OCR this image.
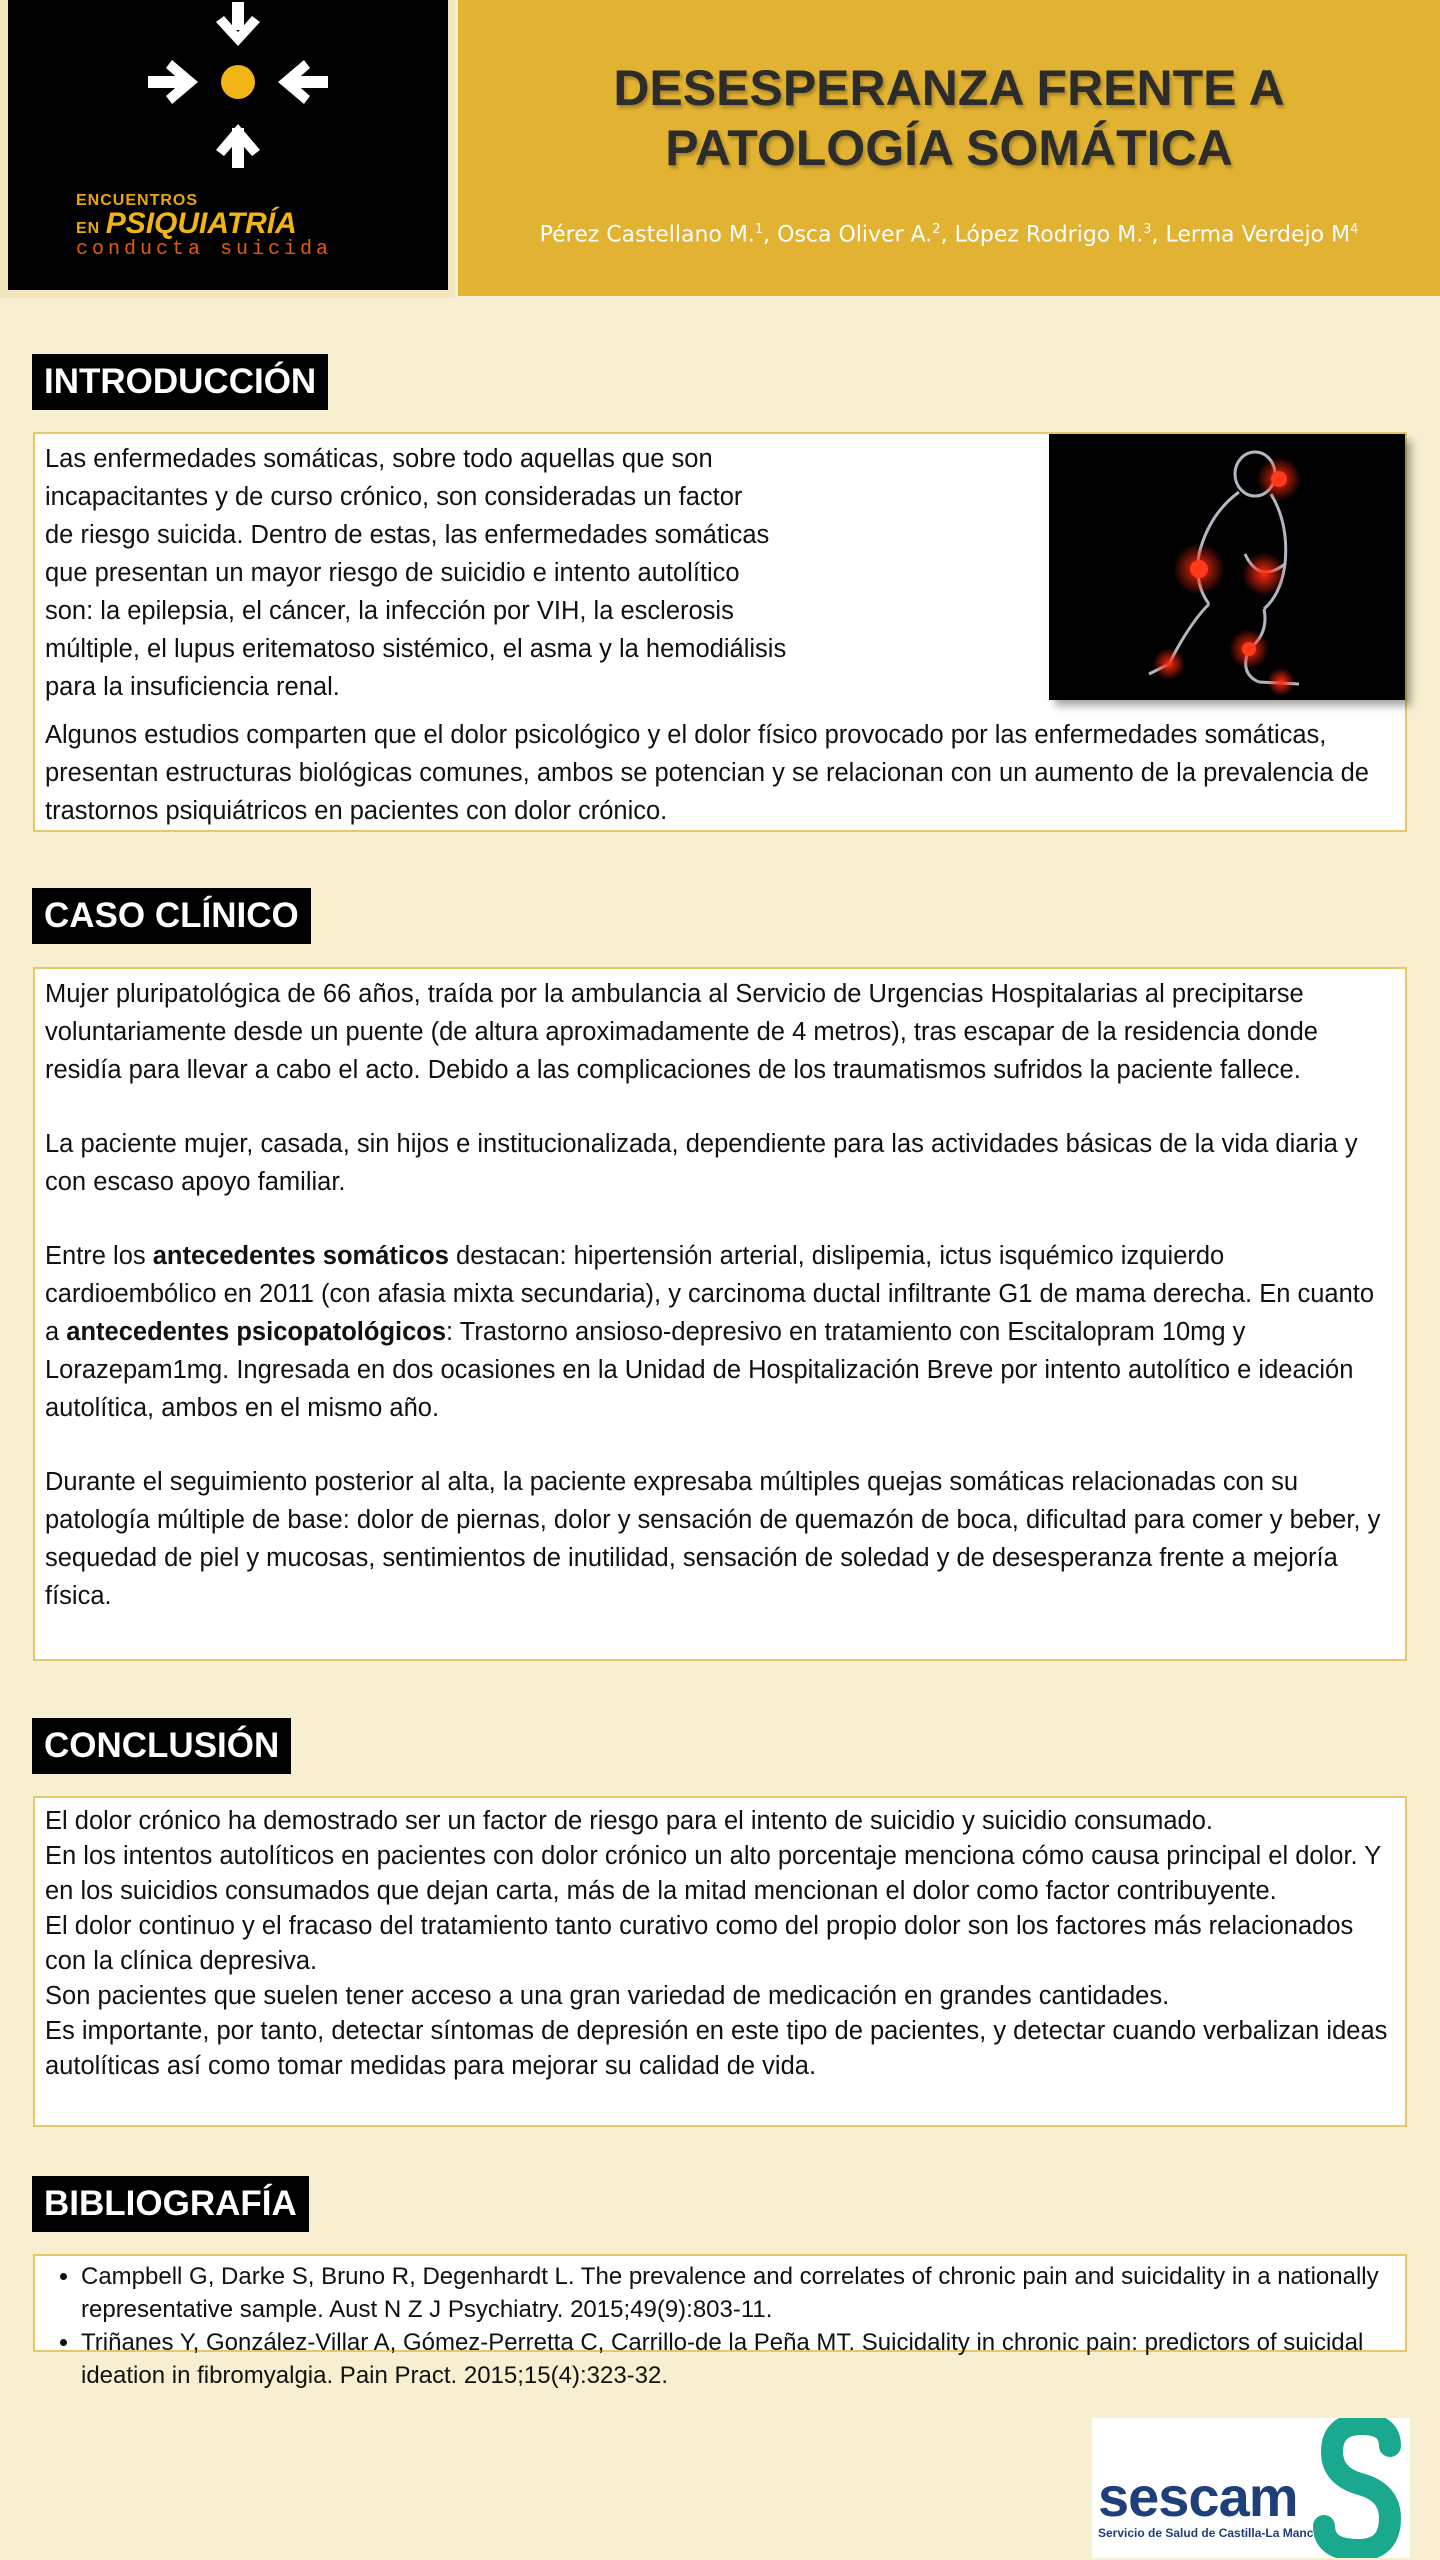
ENCUENTROS
EN PSIQUIATRÍA
conducta suicida
DESESPERANZA FRENTE A
PATOLOGÍA SOMÁTICA
Pérez Castellano M.$^1$, Osca Oliver A.$^2$, López Rodrigo M.$^3$, Lerma Verdejo $M^4$
INTRODUCCIÓN
Las enfermedades somáticas, sobre todo aquellas que son
incapacitantes y de curso crónico, son consideradas un factor
de riesgo suicida. Dentro de estas, las enfermedades somáticas
que presentan un mayor riesgo de suicidio e intento autolítico
son: la epilepsia, el cáncer, la infección por VIH, la esclerosis
múltiple, el lupus eritematoso sistémico, el asma y la hemodiálisis
para la insuficiencia renal.

Algunos estudios comparten que el dolor psicológico y el dolor físico provocado por las enfermedades somáticas, presentan estructuras biológicas comunes, ambos se potencian y se relacionan con un aumento de la prevalencia de trastornos psiquiátricos en pacientes con dolor crónico.

CASO CLÍNICO

Mujer pluripatológica de 66 años, traída por la ambulancia al Servicio de Urgencias Hospitalarias al precipitarse voluntariamente desde un puente (de altura aproximadamente de 4 metros), tras escapar de la residencia donde residía para llevar a cabo el acto. Debido a las complicaciones de los traumatismos sufridos la paciente fallece.

La paciente mujer, casada, sin hijos e institucionalizada, dependiente para las actividades básicas de la vida diaria y con escaso apoyo familiar.

Entre los antecedentes somáticos destacan: hipertensión arterial, dislipemia, ictus isquémico izquierdo cardioembólico en 2011 (con afasia mixta secundaria), y carcinoma ductal infiltrante G1 de mama derecha. En cuanto a antecedentes psicopatológicos: Trastorno ansioso-depresivo en tratamiento con Escitalopram 10mg y Lorazepam1mg. Ingresada en dos ocasiones en la Unidad de Hospitalización Breve por intento autolítico e ideación autolítica, ambos en el mismo año.

Durante el seguimiento posterior al alta, la paciente expresaba múltiples quejas somáticas relacionadas con su patología múltiple de base: dolor de piernas, dolor y sensación de quemazón de boca, dificultad para comer y beber, y sequedad de piel y mucosas, sentimientos de inutilidad, sensación de soledad y de desesperanza frente a mejoría física.

CONCLUSIÓN
El dolor crónico ha demostrado ser un factor de riesgo para el intento de suicidio y suicidio consumado.
En los intentos autolíticos en pacientes con dolor crónico un alto porcentaje menciona cómo causa principal el dolor. Y en los suicidios consumados que dejan carta, más de la mitad mencionan el dolor como factor contribuyente.
El dolor continuo y el fracaso del tratamiento tanto curativo como del propio dolor son los factores más relacionados con la clínica depresiva.
Son pacientes que suelen tener acceso a una gran variedad de medicación en grandes cantidades.
Es importante, por tanto, detectar síntomas de depresión en este tipo de pacientes, y detectar cuando verbalizan ideas autolíticas así como tomar medidas para mejorar su calidad de vida.
BIBLIOGRAFÍA
• Campbell G, Darke S, Bruno R, Degenhardt L. The prevalence and correlates of chronic pain and suicidality in a nationally representative sample. Aust N Z J Psychiatry. 2015;49(9):803-11.
• Triñanes Y, González-Villar A, Gómez-Perretta C, Carrillo-de la Peña MT. Suicidality in chronic pain: predictors of suicidal ideation in fibromyalgia. Pain Pract. 2015;15(4):323-32.
sescam
Servicio de Salud de Castilla-La Mancha
